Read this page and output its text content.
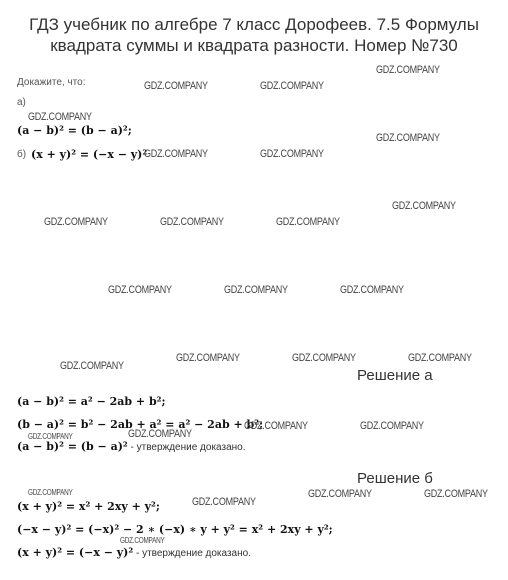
ГДЗ учебник по алгебре 7 класс Дорофеев. 7.5 Формулы
квадрата суммы и квадрата разности. Номер №730
Докажите, что:
а)
(a − b)² = (b − a)²;
б) (x + y)² = (−x − y)²
Решение а
(a − b)² = a² − 2ab + b²;
(b − a)² = b² − 2ab + a² = a² − 2ab + b²;
(a − b)² = (b − a)² - утверждение доказано.
Решение б
(x + y)² = x² + 2xy + y²;
(−x − y)² = (−x)² − 2 ∗ (−x) ∗ y + y² = x² + 2xy + y²;
(x + y)² = (−x − y)² - утверждение доказано.
GDZ.COMPANY
GDZ.COMPANY	GDZ.COMPANY
GDZ.COMPANY
GDZ.COMPANY
GDZ.COMPANY	GDZ.COMPANY
GDZ.COMPANY
GDZ.COMPANY	GDZ.COMPANY	GDZ.COMPANY
GDZ.COMPANY	GDZ.COMPANY	GDZ.COMPANY
GDZ.COMPANY	GDZ.COMPANY	GDZ.COMPANY
GDZ.COMPANY
GDZ.COMPANY	GDZ.COMPANY
GDZ.COMPANY
GDZ.COMPANY
GDZ.COMPANY	GDZ.COMPANY	GDZ.COMPANY
GDZ.COMPANY
GDZ.COMPANY
